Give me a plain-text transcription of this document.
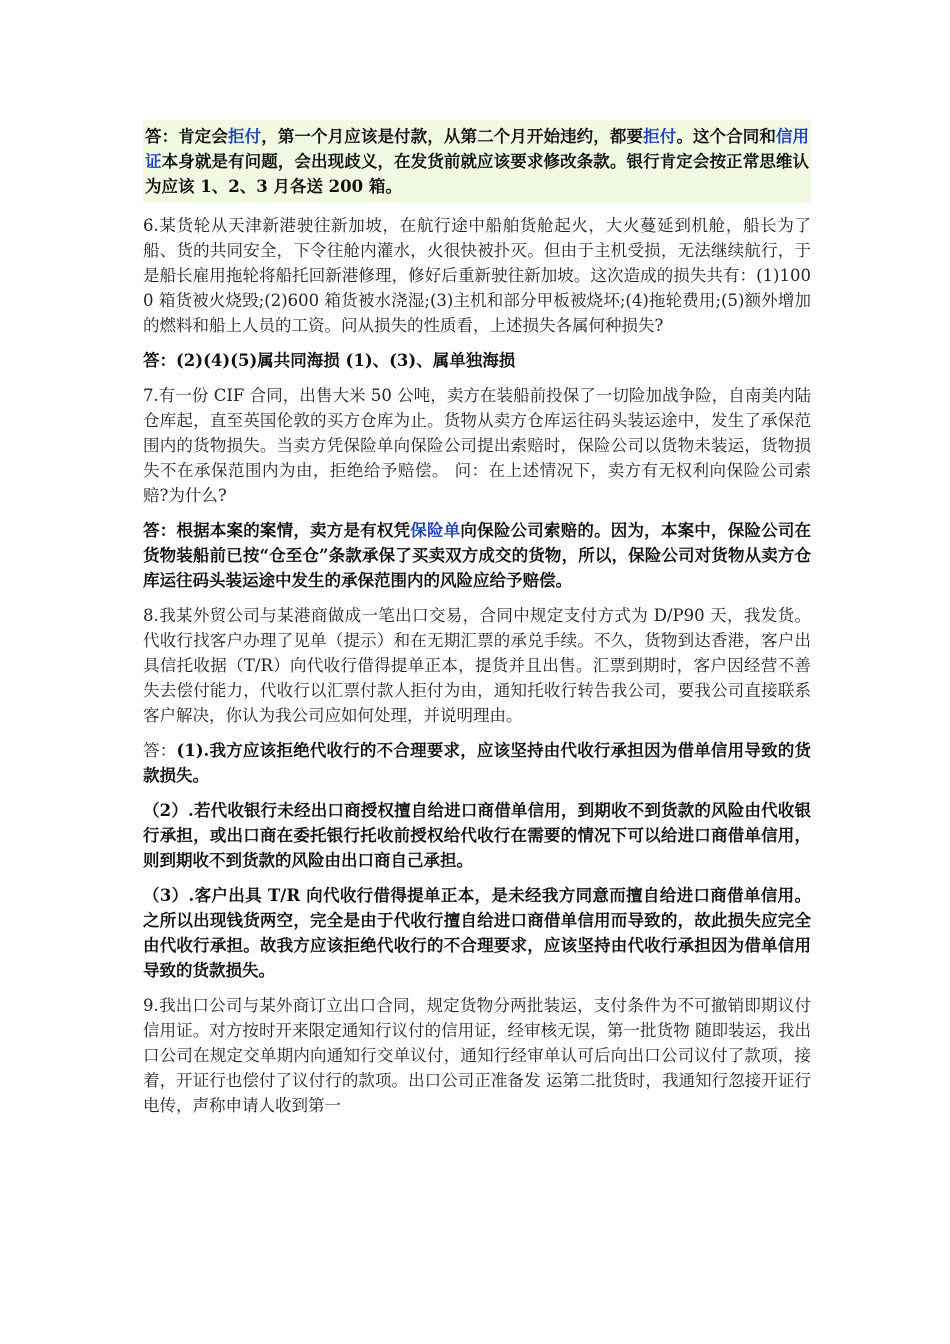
答：肯定会拒付，第一个月应该是付款，从第二个月开始违约，都要拒付。这个合同和信用证本身就是有问题，会出现歧义，在发货前就应该要求修改条款。银行肯定会按正常思维认为应该 1、2、3 月各送 200 箱。

6.某货轮从天津新港驶往新加坡，在航行途中船舶货舱起火，大火蔓延到机舱，船长为了船、货的共同安全，下令往舱内灌水，火很快被扑灭。但由于主机受损，无法继续航行，于是船长雇用拖轮将船托回新港修理，修好后重新驶往新加坡。这次造成的损失共有：(1)1000 箱货被火烧毁;(2)600 箱货被水浇湿;(3)主机和部分甲板被烧坏;(4)拖轮费用;(5)额外增加的燃料和船上人员的工资。问从损失的性质看，上述损失各属何种损失?

答：(2)(4)(5)属共同海损 (1)、(3)、属单独海损

7.有一份 CIF 合同，出售大米 50 公吨，卖方在装船前投保了一切险加战争险，自南美内陆仓库起，直至英国伦敦的买方仓库为止。货物从卖方仓库运往码头装运途中，发生了承保范围内的货物损失。当卖方凭保险单向保险公司提出索赔时，保险公司以货物未装运，货物损失不在承保范围内为由，拒绝给予赔偿。 问：在上述情况下，卖方有无权利向保险公司索赔?为什么?

答：根据本案的案情，卖方是有权凭保险单向保险公司索赔的。因为，本案中，保险公司在货物装船前已按“仓至仓”条款承保了买卖双方成交的货物，所以，保险公司对货物从卖方仓库运往码头装运途中发生的承保范围内的风险应给予赔偿。

8.我某外贸公司与某港商做成一笔出口交易，合同中规定支付方式为 D/P90 天，我发货。代收行找客户办理了见单（提示）和在无期汇票的承兑手续。不久，货物到达香港，客户出具信托收据（T/R）向代收行借得提单正本，提货并且出售。汇票到期时，客户因经营不善失去偿付能力，代收行以汇票付款人拒付为由，通知托收行转告我公司，要我公司直接联系客户解决，你认为我公司应如何处理，并说明理由。

答：(1).我方应该拒绝代收行的不合理要求，应该坚持由代收行承担因为借单信用导致的货款损失。

（2）.若代收银行未经出口商授权擅自给进口商借单信用，到期收不到货款的风险由代收银行承担，或出口商在委托银行托收前授权给代收行在需要的情况下可以给进口商借单信用，则到期收不到货款的风险由出口商自己承担。

（3）.客户出具 T/R 向代收行借得提单正本，是未经我方同意而擅自给进口商借单信用。之所以出现钱货两空，完全是由于代收行擅自给进口商借单信用而导致的，故此损失应完全由代收行承担。故我方应该拒绝代收行的不合理要求，应该坚持由代收行承担因为借单信用导致的货款损失。

9.我出口公司与某外商订立出口合同，规定货物分两批装运，支付条件为不可撤销即期议付信用证。对方按时开来限定通知行议付的信用证，经审核无误，第一批货物 随即装运，我出口公司在规定交单期内向通知行交单议付，通知行经审单认可后向出口公司议付了款项，接着，开证行也偿付了议付行的款项。出口公司正准备发 运第二批货时，我通知行忽接开证行电传，声称申请人收到第一
